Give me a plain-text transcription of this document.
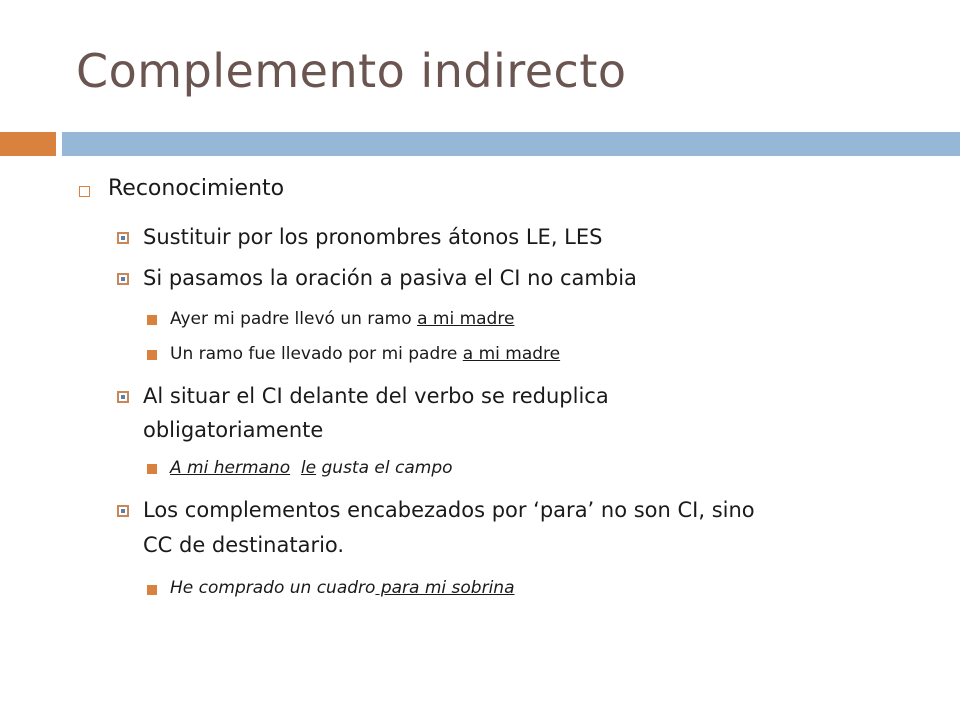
Complemento indirecto
Reconocimiento
Sustituir por los pronombres átonos LE, LES
Si pasamos la oración a pasiva el CI no cambia
Ayer mi padre llevó un ramo a mi madre
Un ramo fue llevado por mi padre a mi madre
Al situar el CI delante del verbo se reduplica
obligatoriamente
A mi hermano le gusta el campo
Los complementos encabezados por ‘para’ no son CI, sino
CC de destinatario.
He comprado un cuadro para mi sobrina
